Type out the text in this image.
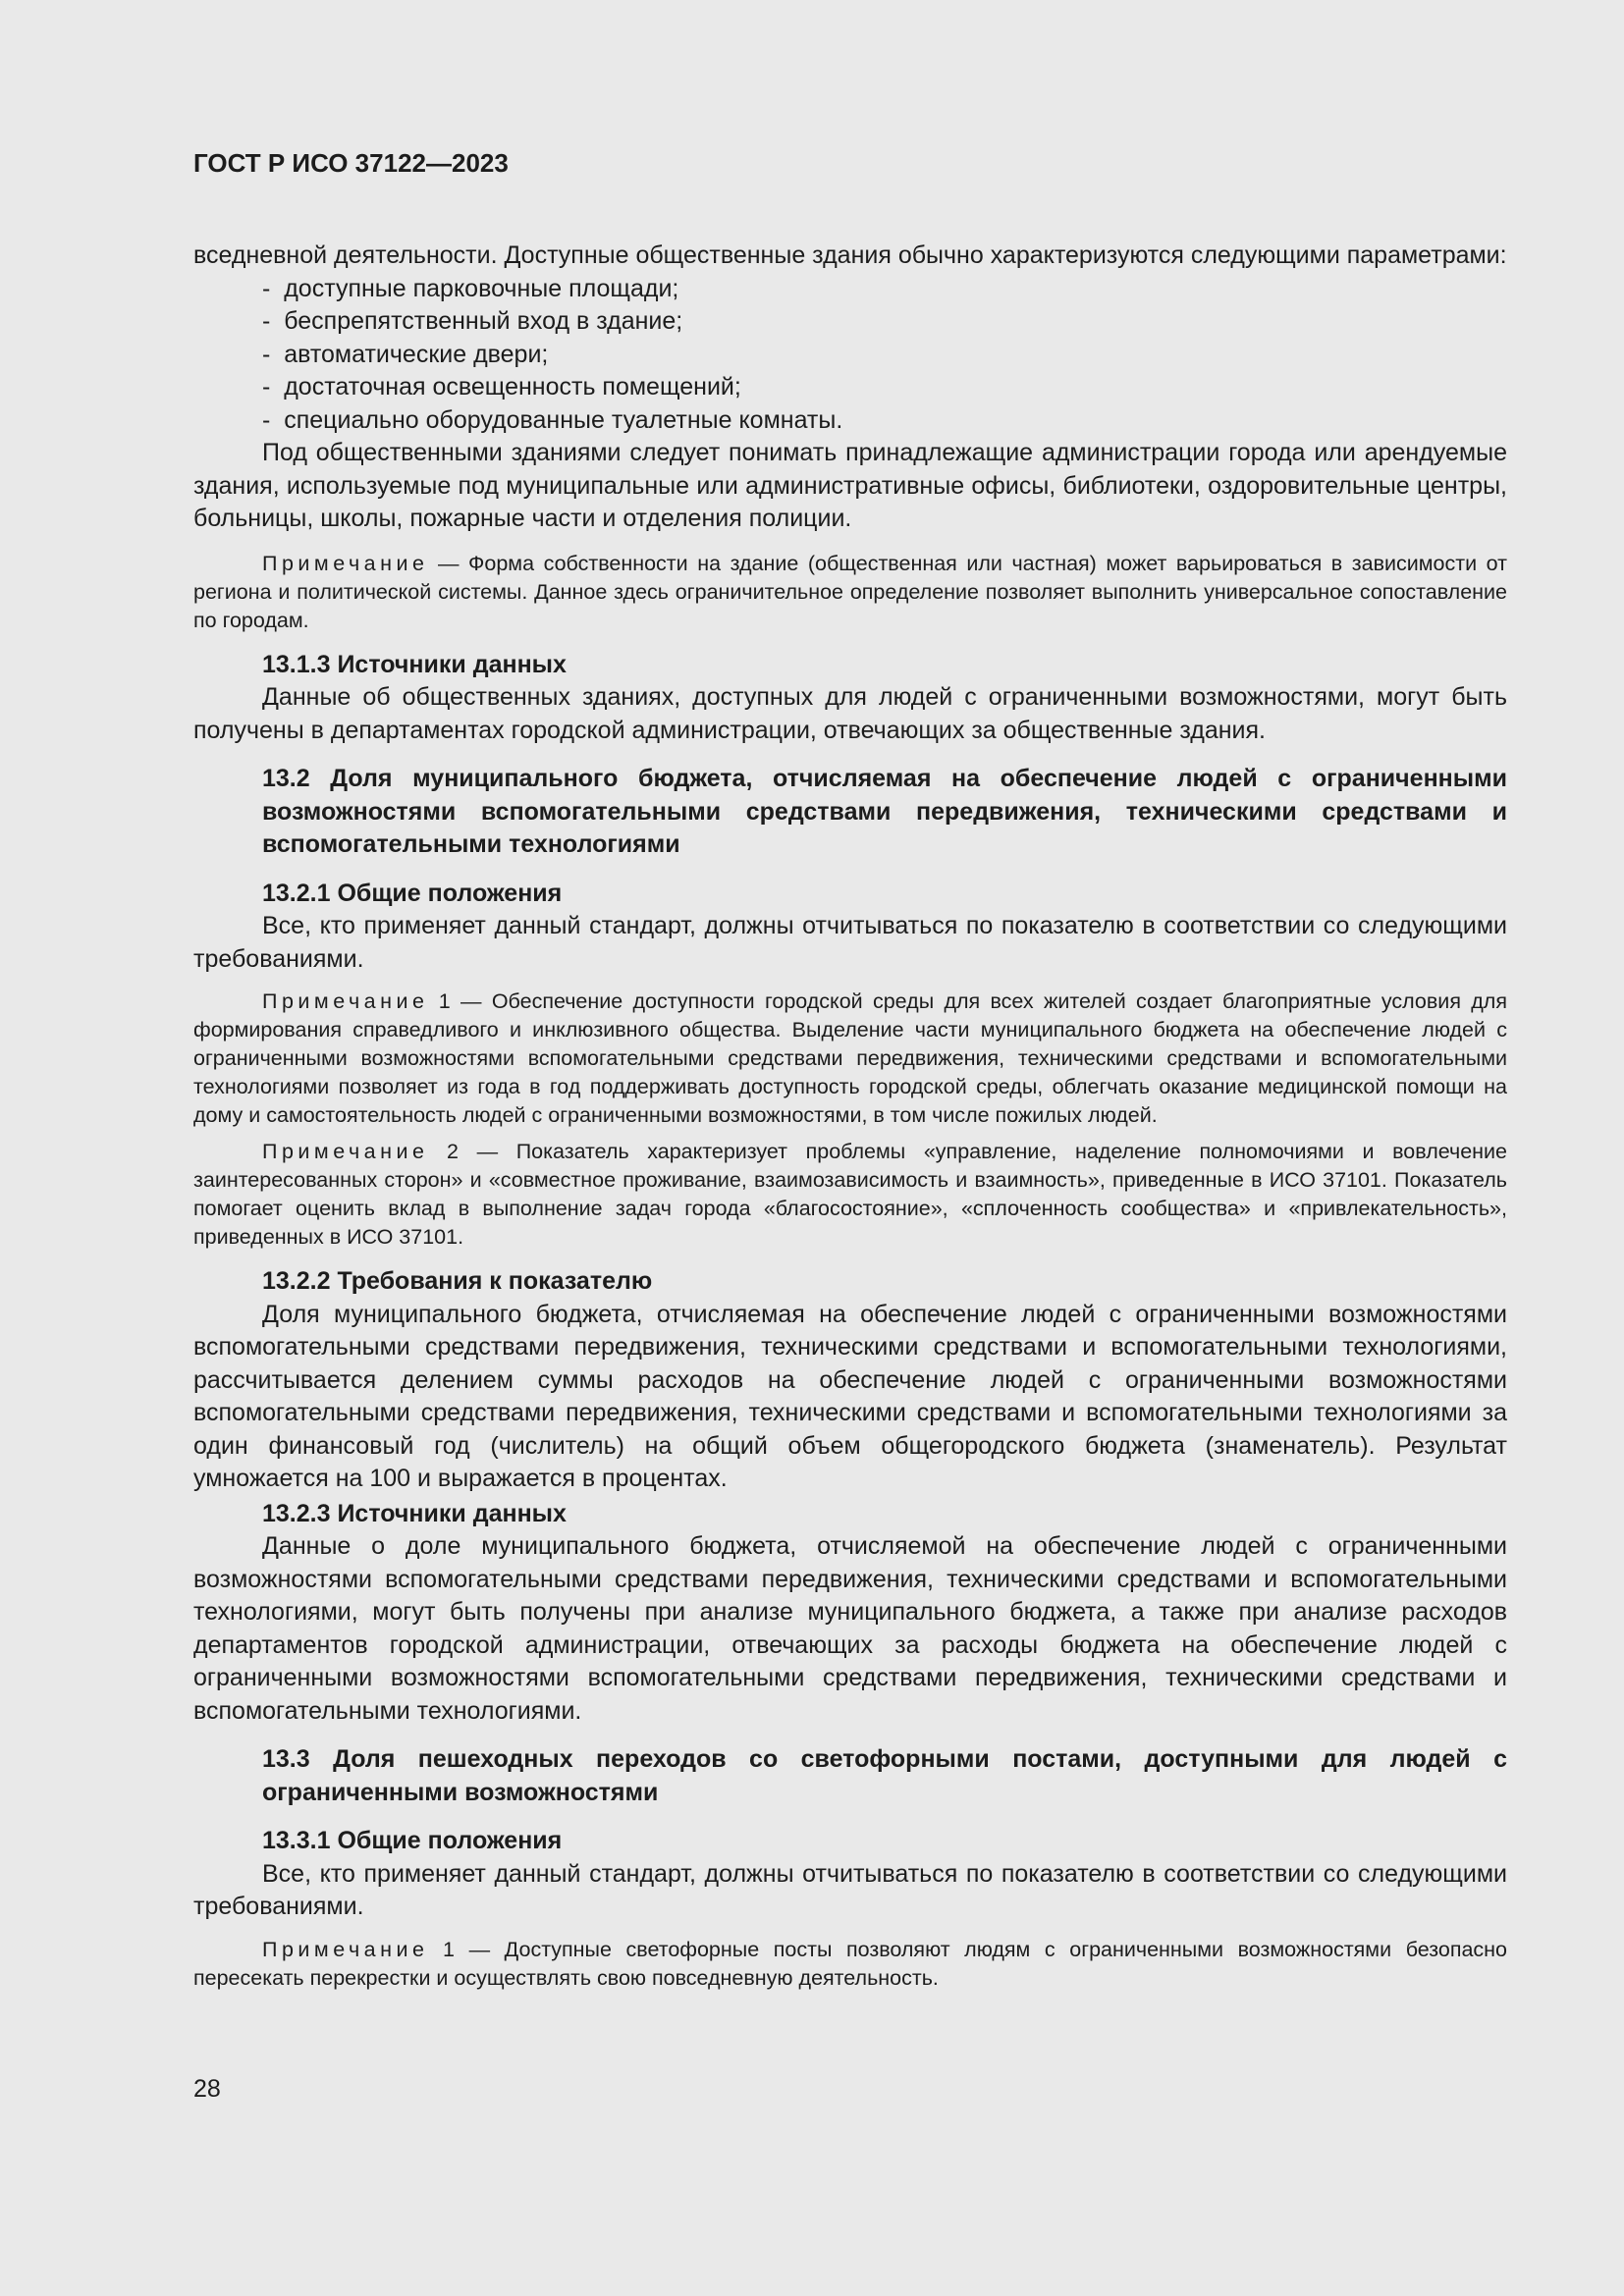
ГОСТ Р ИСО 37122—2023

вседневной деятельности. Доступные общественные здания обычно характеризуются следующими параметрами:

-  доступные парковочные площади;
-  беспрепятственный вход в здание;
-  автоматические двери;
-  достаточная освещенность помещений;
-  специально оборудованные туалетные комнаты.

Под общественными зданиями следует понимать принадлежащие администрации города или арендуемые здания, используемые под муниципальные или административные офисы, библиотеки, оздоровительные центры, больницы, школы, пожарные части и отделения полиции.

Примечание — Форма собственности на здание (общественная или частная) может варьироваться в зависимости от региона и политической системы. Данное здесь ограничительное определение позволяет выполнить универсальное сопоставление по городам.

13.1.3 Источники данных

Данные об общественных зданиях, доступных для людей с ограниченными возможностями, могут быть получены в департаментах городской администрации, отвечающих за общественные здания.

13.2 Доля муниципального бюджета, отчисляемая на обеспечение людей с ограниченными возможностями вспомогательными средствами передвижения, техническими средствами и вспомогательными технологиями

13.2.1 Общие положения

Все, кто применяет данный стандарт, должны отчитываться по показателю в соответствии со следующими требованиями.

Примечание 1 — Обеспечение доступности городской среды для всех жителей создает благоприятные условия для формирования справедливого и инклюзивного общества. Выделение части муниципального бюджета на обеспечение людей с ограниченными возможностями вспомогательными средствами передвижения, техническими средствами и вспомогательными технологиями позволяет из года в год поддерживать доступность городской среды, облегчать оказание медицинской помощи на дому и самостоятельность людей с ограниченными возможностями, в том числе пожилых людей.

Примечание 2 — Показатель характеризует проблемы «управление, наделение полномочиями и вовлечение заинтересованных сторон» и «совместное проживание, взаимозависимость и взаимность», приведенные в ИСО 37101. Показатель помогает оценить вклад в выполнение задач города «благосостояние», «сплоченность сообщества» и «привлекательность», приведенных в ИСО 37101.

13.2.2 Требования к показателю

Доля муниципального бюджета, отчисляемая на обеспечение людей с ограниченными возможностями вспомогательными средствами передвижения, техническими средствами и вспомогательными технологиями, рассчитывается делением суммы расходов на обеспечение людей с ограниченными возможностями вспомогательными средствами передвижения, техническими средствами и вспомогательными технологиями за один финансовый год (числитель) на общий объем общегородского бюджета (знаменатель). Результат умножается на 100 и выражается в процентах.

13.2.3 Источники данных

Данные о доле муниципального бюджета, отчисляемой на обеспечение людей с ограниченными возможностями вспомогательными средствами передвижения, техническими средствами и вспомогательными технологиями, могут быть получены при анализе муниципального бюджета, а также при анализе расходов департаментов городской администрации, отвечающих за расходы бюджета на обеспечение людей с ограниченными возможностями вспомогательными средствами передвижения, техническими средствами и вспомогательными технологиями.

13.3 Доля пешеходных переходов со светофорными постами, доступными для людей с ограниченными возможностями

13.3.1 Общие положения

Все, кто применяет данный стандарт, должны отчитываться по показателю в соответствии со следующими требованиями.

Примечание 1 — Доступные светофорные посты позволяют людям с ограниченными возможностями безопасно пересекать перекрестки и осуществлять свою повседневную деятельность.

28
